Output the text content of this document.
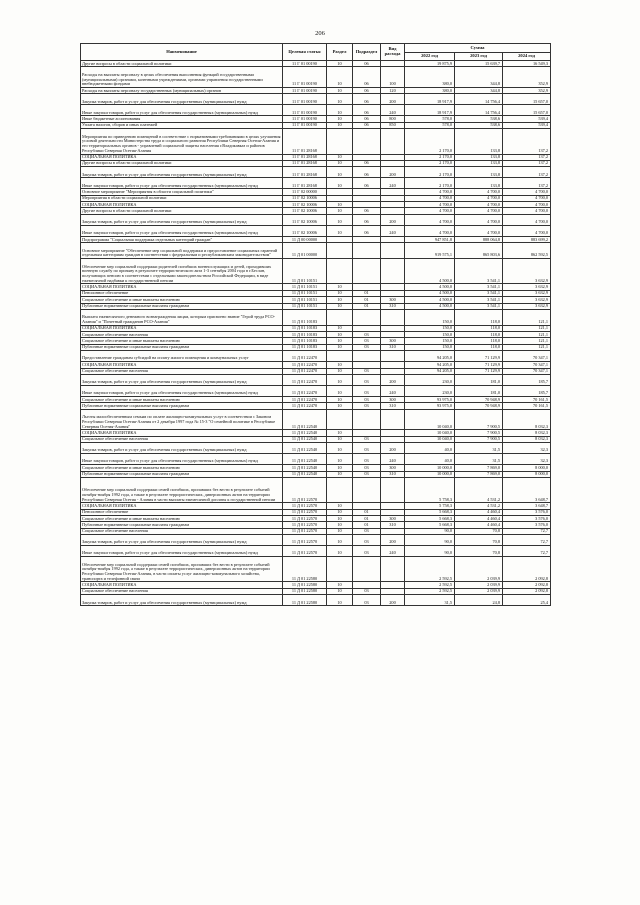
206
Наименование	Целевая статья	Раздел	Подраздел	Вид расхода	Сумма		
					2022 год	2023 год	2024 год
Другие вопросы в области социальной политики	11 Г 01 00190	10	06		19 875,9	15 639,7	16 549,3
Расходы на выплаты персоналу в целях обеспечения выполнения функций государственными (муниципальными) органами, казенными учреждениями, органами управления государственными внебюджетными фондами	11 Г 01 00190	10	06	100	380,0	344,8	352,9
Расходы на выплаты персоналу государственных (муниципальных) органов	11 Г 01 00190	10	06	120	380,0	344,8	352,9
Закупка товаров, работ и услуг для обеспечения государственных (муниципальных) нужд	11 Г 01 00190	10	06	200	18 917,9	14 756,4	15 657,0
Иные закупки товаров, работ и услуг для обеспечения государственных (муниципальных) нужд	11 Г 01 00190	10	06	240	18 917,9	14 756,4	15 657,0
Иные бюджетные ассигнования	11 Г 01 00190	10	06	800	578,0	538,6	539,4
Уплата налогов, сборов и иных платежей	11 Г 01 00190	10	06	850	578,0	538,6	539,4
Мероприятия по приведению помещений в соответствие с нормативными требованиями в целях улучшения условий деятельности Министерства труда и социального развития Республики Северная Осетия-Алания и его территориальных органов - управлений социальной защиты населения г.Владикавказ и районов Республики Северная Осетия-Алания	11 Г 01 28168				2 170,0	133,8	137,2
СОЦИАЛЬНАЯ ПОЛИТИКА	11 Г 01 28168	10			2 170,0	133,8	137,2
Другие вопросы в области социальной политики	11 Г 01 28168	10	06		2 170,0	133,8	137,2
Закупка товаров, работ и услуг для обеспечения государственных (муниципальных) нужд	11 Г 01 28168	10	06	200	2 170,0	133,8	137,2
Иные закупки товаров, работ и услуг для обеспечения государственных (муниципальных) нужд	11 Г 01 28168	10	06	240	2 170,0	133,8	137,2
Основное мероприятие "Мероприятия в области социальной политики"	11 Г 02 00000				4 700,0	4 700,0	4 700,0
Мероприятия в области социальной политики	11 Г 02 10006				4 700,0	4 700,0	4 700,0
СОЦИАЛЬНАЯ ПОЛИТИКА	11 Г 02 10006	10			4 700,0	4 700,0	4 700,0
Другие вопросы в области социальной политики	11 Г 02 10006	10	06		4 700,0	4 700,0	4 700,0
Закупка товаров, работ и услуг для обеспечения государственных (муниципальных) нужд	11 Г 02 10006	10	06	200	4 700,0	4 700,0	4 700,0
Иные закупки товаров, работ и услуг для обеспечения государственных (муниципальных) нужд	11 Г 02 10006	10	06	240	4 700,0	4 700,0	4 700,0
Подпрограмма "Социальная поддержка отдельных категорий граждан"	11 Д 00 00000				947 851,8	888 064,8	883 699,2
Основное мероприятие "Обеспечение мер социальной поддержки и предоставление социальных гарантий отдельным категориям граждан в соответствии с федеральным и республиканским законодательством"	11 Д 01 00000				919 575,1	865 803,6	862 592,5
Обеспечение мер социальной поддержки родителей погибших военнослужащих и детей, проходивших военную службу по призыву в результате террористического акта 1-3 сентября 2004 года в г.Беслан, получающих пенсию в соответствии с отдельными законодательством Российской Федерации, в виде ежемесячной надбавки к государственной пенсии	11 Д 01 10151				4 500,0	3 541,1	3 632,9
СОЦИАЛЬНАЯ ПОЛИТИКА	11 Д 01 10151	10			4 500,0	3 541,1	3 632,9
Пенсионное обеспечение	11 Д 01 10151	10	01		4 500,0	3 541,1	3 632,9
Социальное обеспечение и иные выплаты населению	11 Д 01 10151	10	01	300	4 500,0	3 541,1	3 632,9
Публичные нормативные социальные выплаты гражданам	11 Д 01 10151	10	01	310	4 500,0	3 541,1	3 632,9
Выплата ежемесячного денежного вознаграждения лицам, которым присвоено звание "Герой труда РСО-Алания" и "Почетный гражданин РСО-Алания"	11 Д 01 10183				150,0	118,0	121,1
СОЦИАЛЬНАЯ ПОЛИТИКА	11 Д 01 10183	10			150,0	118,0	121,1
Социальное обеспечение населения	11 Д 01 10183	10	03		150,0	118,0	121,1
Социальное обеспечение и иные выплаты населению	11 Д 01 10183	10	03	300	150,0	118,0	121,1
Публичные нормативные социальные выплаты гражданам	11 Д 01 10183	10	03	310	150,0	118,0	121,1
Предоставление гражданам субсидий на оплату жилого помещения и коммунальных услуг	11 Д 01 22470				94 205,0	71 129,9	70 347,1
СОЦИАЛЬНАЯ ПОЛИТИКА	11 Д 01 22470	10			94 205,0	71 129,9	70 347,1
Социальное обеспечение населения	11 Д 01 22470	10	03		94 205,0	71 129,9	70 347,1
Закупка товаров, работ и услуг для обеспечения государственных (муниципальных) нужд	11 Д 01 22470	10	03	200	230,0	181,0	185,7
Иные закупки товаров, работ и услуг для обеспечения государственных (муниципальных) нужд	11 Д 01 22470	10	03	240	230,0	181,0	185,7
Социальное обеспечение и иные выплаты населению	11 Д 01 22470	10	03	300	93 975,0	70 948,9	70 161,5
Публичные нормативные социальные выплаты гражданам	11 Д 01 22470	10	03	310	93 975,0	70 948,9	70 161,5
Льготы малообеспеченным семьям по оплате жилищно-коммунальных услуг в соответствии с Законом Республики Северная Осетия-Алания от 2 декабря 1997 года № 15-3 "О семейной политике в Республике Северная Осетия-Алания"	11 Д 01 22540				10 040,0	7 900,5	8 032,3
СОЦИАЛЬНАЯ ПОЛИТИКА	11 Д 01 22540	10			10 040,0	7 900,5	8 032,3
Социальное обеспечение населения	11 Д 01 22540	10	03		10 040,0	7 900,5	8 032,3
Закупка товаров, работ и услуг для обеспечения государственных (муниципальных) нужд	11 Д 01 22540	10	03	200	40,0	31,5	32,3
Иные закупки товаров, работ и услуг для обеспечения государственных (муниципальных) нужд	11 Д 01 22540	10	03	240	40,0	31,5	32,3
Социальное обеспечение и иные выплаты населению	11 Д 01 22540	10	03	300	10 000,0	7 869,0	8 000,0
Публичные нормативные социальные выплаты гражданам	11 Д 01 22540	10	03	310	10 000,0	7 869,0	8 000,0
Обеспечение мер социальной поддержки семей погибших, пропавших без вести в результате событий октября-ноября 1992 года, а также в результате террористических, диверсионных актов на территории Республики Северная Осетия - Алания в части выплаты ежемесячной доплаты к государственной пенсии	11 Д 01 22570				5 758,3	4 531,2	3 648,7
СОЦИАЛЬНАЯ ПОЛИТИКА	11 Д 01 22570	10			5 758,3	4 531,2	3 648,7
Пенсионное обеспечение	11 Д 01 22570	10	01		5 668,3	4 460,4	3 576,0
Социальное обеспечение и иные выплаты населению	11 Д 01 22570	10	01	300	5 668,3	4 460,4	3 576,0
Публичные нормативные социальные выплаты гражданам	11 Д 01 22570	10	01	310	5 668,3	4 460,4	3 576,0
Социальное обеспечение населения	11 Д 01 22570	10	03		90,0	70,8	72,7
Закупка товаров, работ и услуг для обеспечения государственных (муниципальных) нужд	11 Д 01 22570	10	03	200	90,0	70,8	72,7
Иные закупки товаров, работ и услуг для обеспечения государственных (муниципальных) нужд	11 Д 01 22570	10	03	240	90,0	70,8	72,7
Обеспечение мер социальной поддержки семей погибших, пропавших без вести в результате событий октября-ноября 1992 года, а также в результате террористических, диверсионных актов на территории Республики Северная Осетия-Алания, в части оплаты услуг жилищно-коммунального хозяйства, транспорта и телефонной связи	11 Д 01 22580				2 592,5	2 039,9	2 092,8
СОЦИАЛЬНАЯ ПОЛИТИКА	11 Д 01 22580	10			2 592,5	2 039,9	2 092,8
Социальное обеспечение населения	11 Д 01 22580	10	03		2 592,5	2 039,9	2 092,8
Закупка товаров, работ и услуг для обеспечения государственных (муниципальных) нужд	11 Д 01 22580	10	03	200	31,5	24,8	25,4
